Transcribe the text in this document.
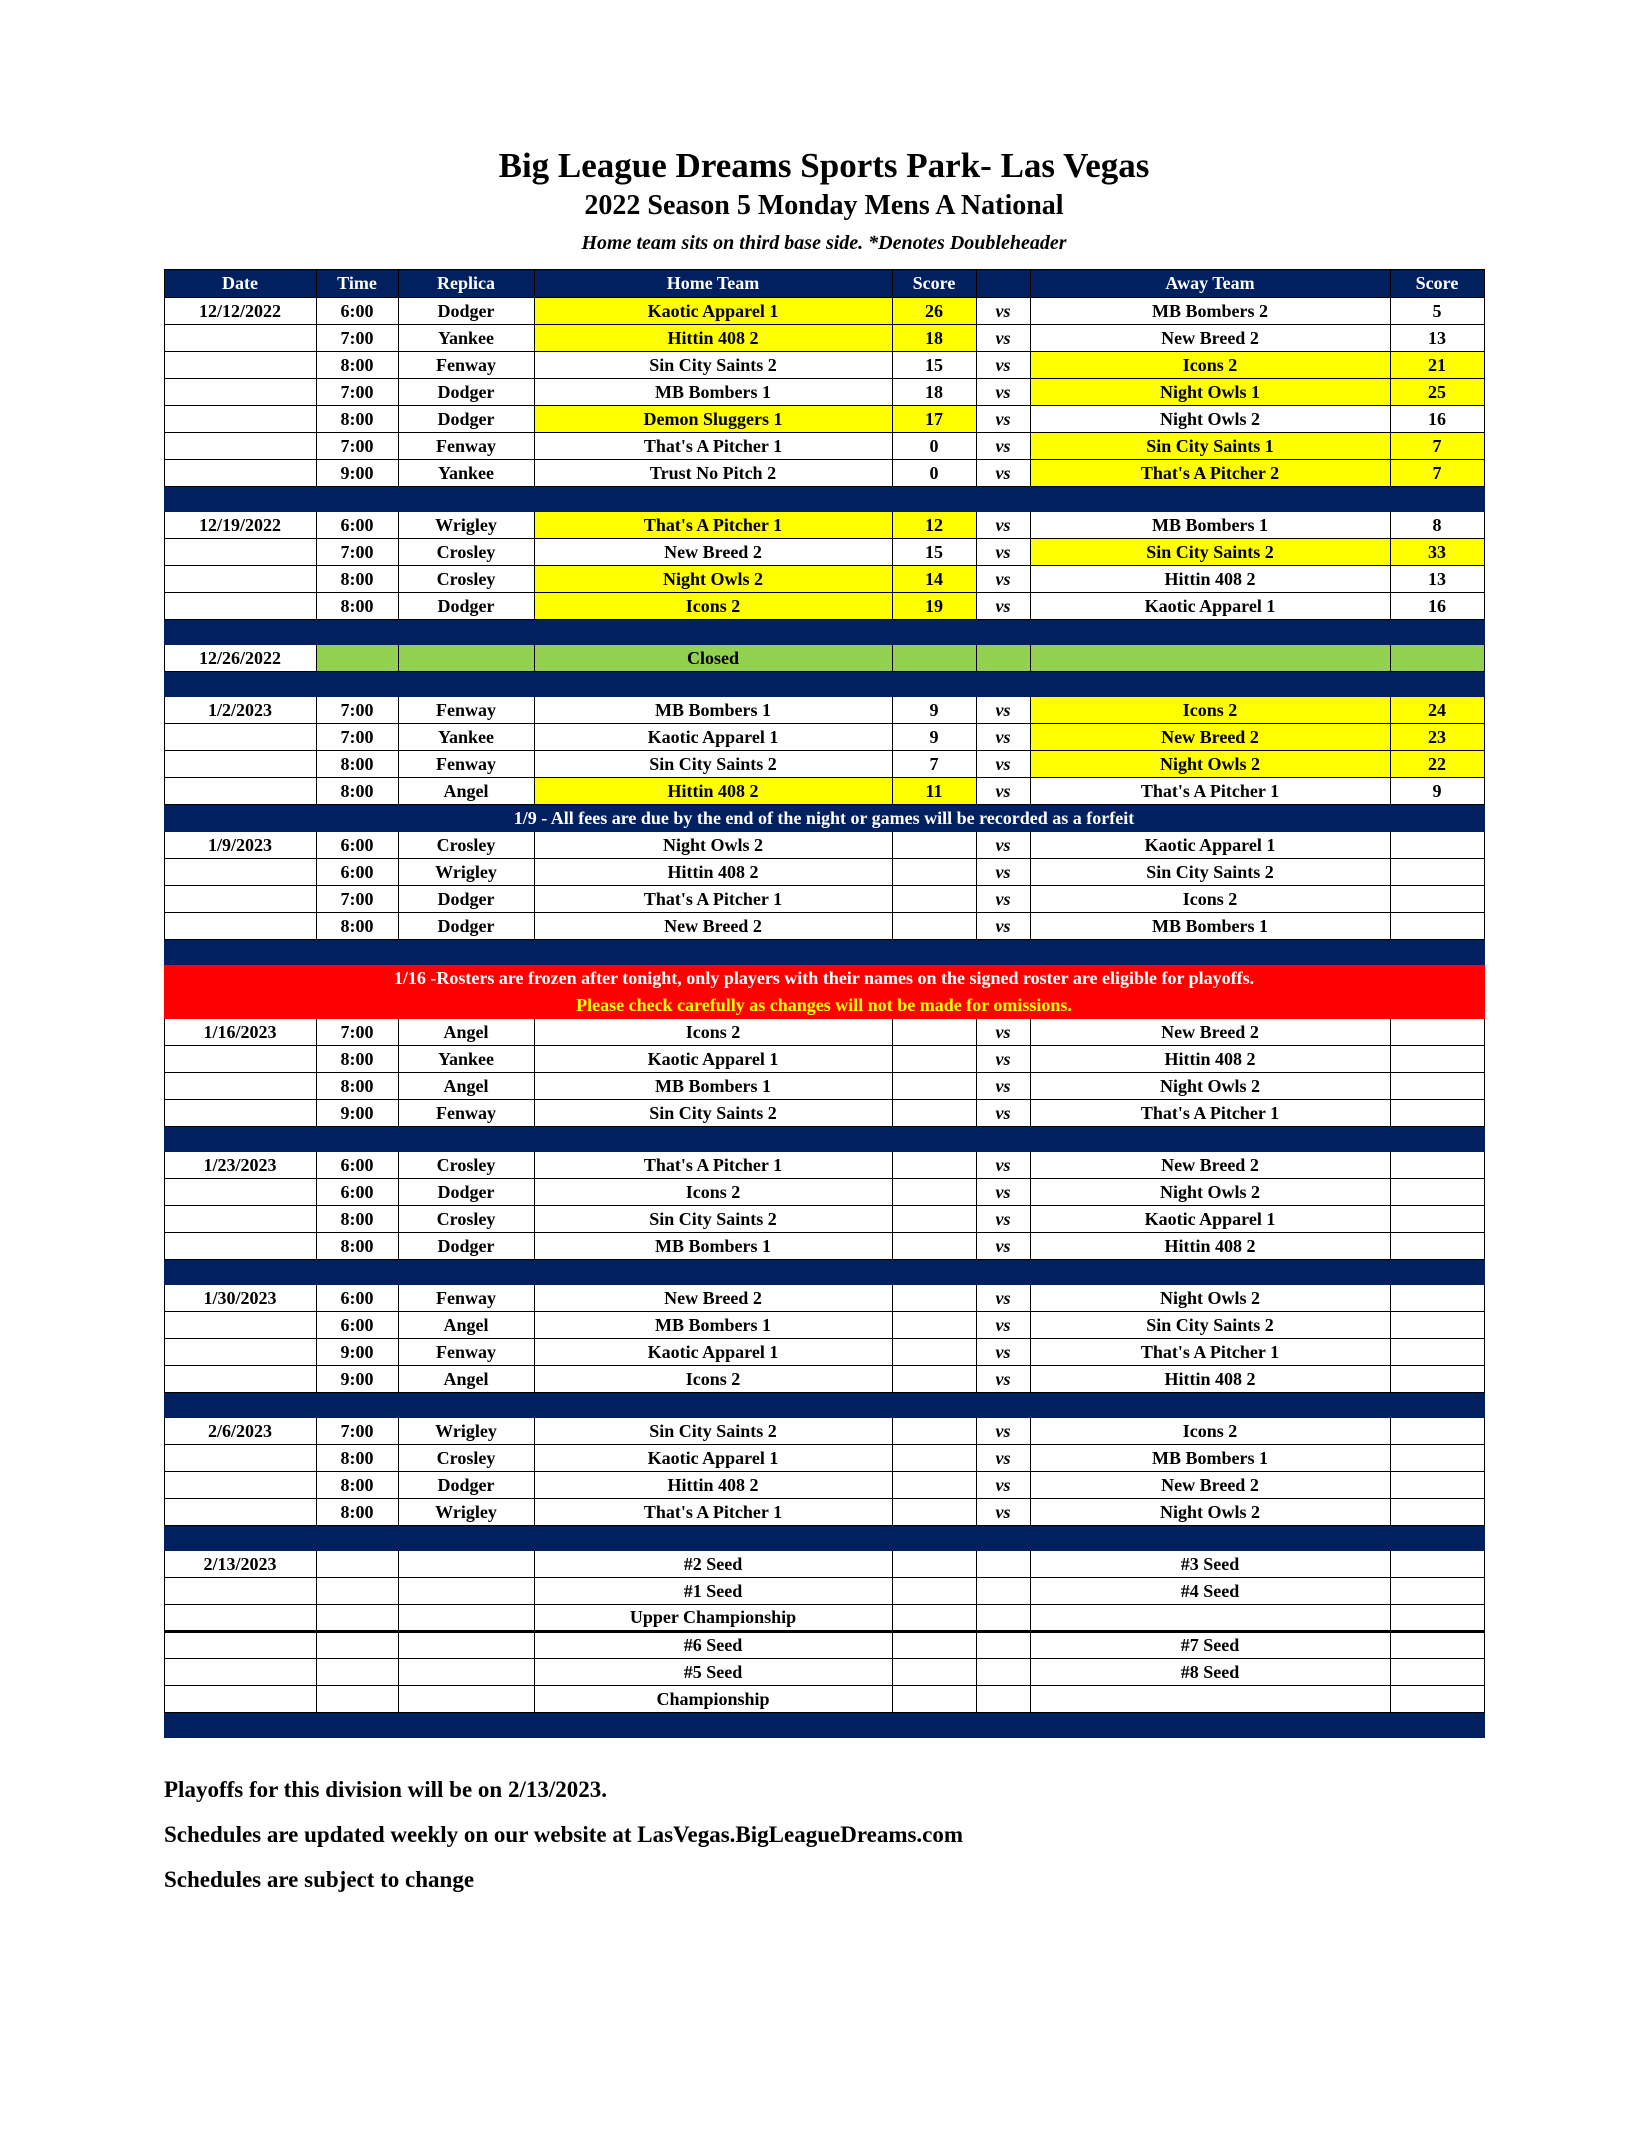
Big League Dreams Sports Park- Las Vegas
2022 Season 5 Monday Mens A National
Home team sits on third base side. *Denotes Doubleheader
Date	Time	Replica	Home Team	Score		Away Team	Score
12/12/2022	6:00	Dodger	Kaotic Apparel 1	26	vs	MB Bombers 2	5
	7:00	Yankee	Hittin 408 2	18	vs	New Breed 2	13
	8:00	Fenway	Sin City Saints 2	15	vs	Icons 2	21
	7:00	Dodger	MB Bombers 1	18	vs	Night Owls 1	25
	8:00	Dodger	Demon Sluggers 1	17	vs	Night Owls 2	16
	7:00	Fenway	That's A Pitcher 1	0	vs	Sin City Saints 1	7
	9:00	Yankee	Trust No Pitch 2	0	vs	That's A Pitcher 2	7

12/19/2022	6:00	Wrigley	That's A Pitcher 1	12	vs	MB Bombers 1	8
	7:00	Crosley	New Breed 2	15	vs	Sin City Saints 2	33
	8:00	Crosley	Night Owls 2	14	vs	Hittin 408 2	13
	8:00	Dodger	Icons 2	19	vs	Kaotic Apparel 1	16

12/26/2022			Closed				

1/2/2023	7:00	Fenway	MB Bombers 1	9	vs	Icons 2	24
	7:00	Yankee	Kaotic Apparel 1	9	vs	New Breed 2	23
	8:00	Fenway	Sin City Saints 2	7	vs	Night Owls 2	22
	8:00	Angel	Hittin 408 2	11	vs	That's A Pitcher 1	9
1/9 - All fees are due by the end of the night or games will be recorded as a forfeit							
1/9/2023	6:00	Crosley	Night Owls 2		vs	Kaotic Apparel 1	
	6:00	Wrigley	Hittin 408 2		vs	Sin City Saints 2	
	7:00	Dodger	That's A Pitcher 1		vs	Icons 2	
	8:00	Dodger	New Breed 2		vs	MB Bombers 1	

1/16 -Rosters are frozen after tonight, only players with their names on the signed roster are eligible for playoffs.							
Please check carefully as changes will not be made for omissions.							
1/16/2023	7:00	Angel	Icons 2		vs	New Breed 2	
	8:00	Yankee	Kaotic Apparel 1		vs	Hittin 408 2	
	8:00	Angel	MB Bombers 1		vs	Night Owls 2	
	9:00	Fenway	Sin City Saints 2		vs	That's A Pitcher 1	

1/23/2023	6:00	Crosley	That's A Pitcher 1		vs	New Breed 2	
	6:00	Dodger	Icons 2		vs	Night Owls 2	
	8:00	Crosley	Sin City Saints 2		vs	Kaotic Apparel 1	
	8:00	Dodger	MB Bombers 1		vs	Hittin 408 2	

1/30/2023	6:00	Fenway	New Breed 2		vs	Night Owls 2	
	6:00	Angel	MB Bombers 1		vs	Sin City Saints 2	
	9:00	Fenway	Kaotic Apparel 1		vs	That's A Pitcher 1	
	9:00	Angel	Icons 2		vs	Hittin 408 2	

2/6/2023	7:00	Wrigley	Sin City Saints 2		vs	Icons 2	
	8:00	Crosley	Kaotic Apparel 1		vs	MB Bombers 1	
	8:00	Dodger	Hittin 408 2		vs	New Breed 2	
	8:00	Wrigley	That's A Pitcher 1		vs	Night Owls 2	

2/13/2023			#2 Seed			#3 Seed	
			#1 Seed			#4 Seed	
			Upper Championship				
			#6 Seed			#7 Seed	
			#5 Seed			#8 Seed	
			Championship				

Playoffs for this division will be on 2/13/2023.
Schedules are updated weekly on our website at LasVegas.BigLeagueDreams.com
Schedules are subject to change
